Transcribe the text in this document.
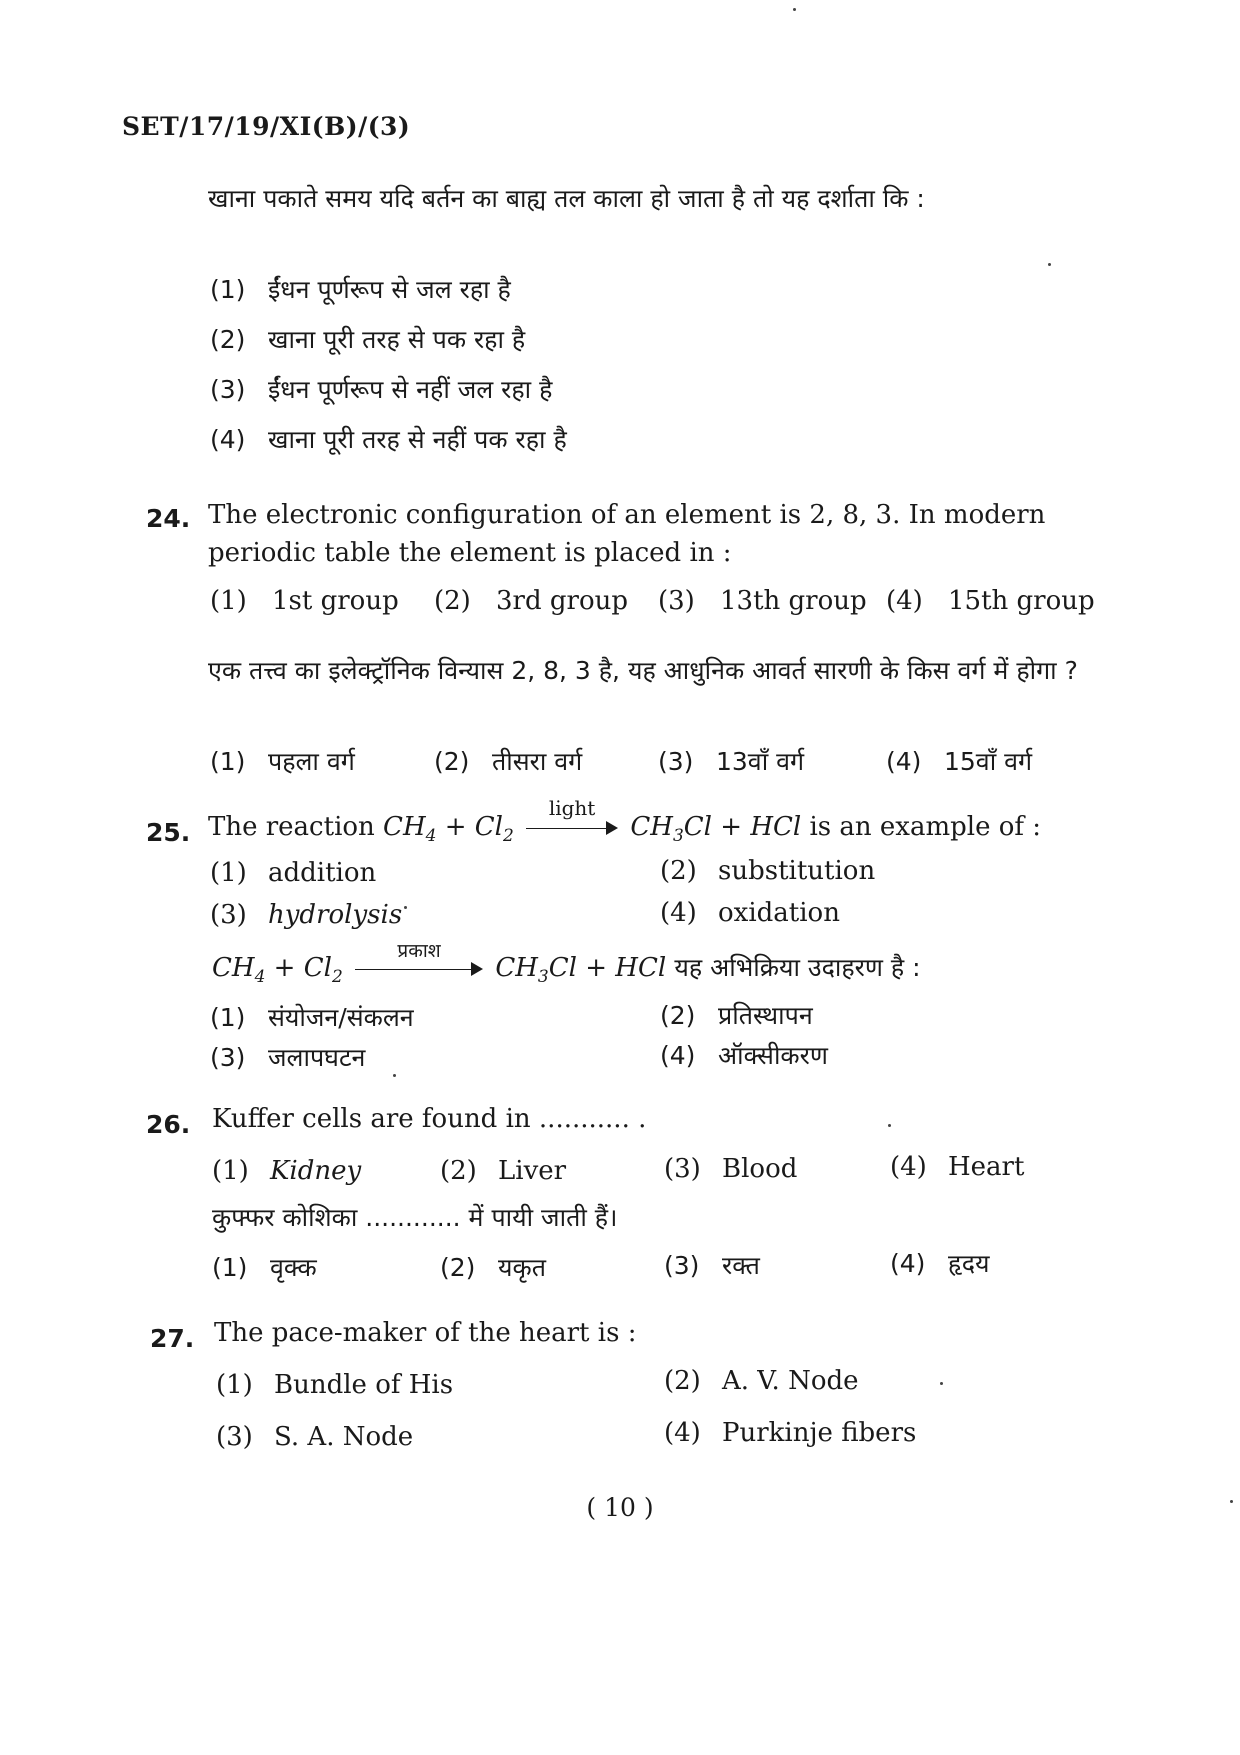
SET/17/19/XI(B)/(3)
खाना पकाते समय यदि बर्तन का बाह्य तल काला हो जाता है तो यह दर्शाता कि :
(1) ईंधन पूर्णरूप से जल रहा है
(2) खाना पूरी तरह से पक रहा है
(3) ईंधन पूर्णरूप से नहीं जल रहा है
(4) खाना पूरी तरह से नहीं पक रहा है
24. The electronic configuration of an element is 2, 8, 3. In modern periodic table the element is placed in :
(1) 1st group (2) 3rd group (3) 13th group (4) 15th group
एक तत्त्व का इलेक्ट्रॉनिक विन्यास 2, 8, 3 है, यह आधुनिक आवर्त सारणी के किस वर्ग में होगा ?
(1) पहला वर्ग	(2) तीसरा वर्ग	(3) 13वाँ वर्ग	(4) 15वाँ वर्ग
25. The reaction $CH_4 + Cl_2$
light
$CH_3Cl$ + HCl is an example of :
(1) addition	(2) substitution
(3) hydrolysis	(4) oxidation
$CH_4 + Cl_2$
प्रकाश
$CH_3Cl$ + HCl यह अभिक्रिया उदाहरण है :
(1) संयोजन/संकलन	(2) प्रतिस्थापन
(3) जलापघटन	(4) ऑक्सीकरण
26. Kuffer cells are found in ........... .
(1) Kidney	(2) Liver	(3) Blood	(4) Heart
कुफ्फर कोशिका ............ में पायी जाती हैं।
(1) वृक्क	(2) यकृत	(3) रक्त	(4) हृदय
27. The pace-maker of the heart is :
(1) Bundle of His	(2) A. V. Node
(3) S. A. Node	(4) Purkinje fibers
( 10 )
